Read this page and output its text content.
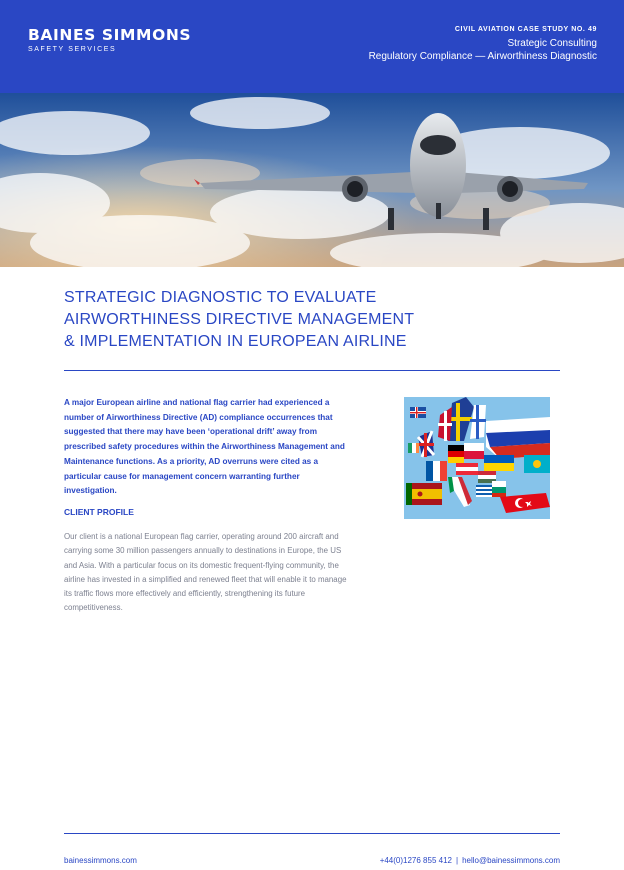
BAINES SIMMONS
SAFETY SERVICES
CIVIL AVIATION CASE STUDY NO. 49
Strategic Consulting
Regulatory Compliance — Airworthiness Diagnostic
STRATEGIC DIAGNOSTIC TO EVALUATE
AIRWORTHINESS DIRECTIVE MANAGEMENT
& IMPLEMENTATION IN EUROPEAN AIRLINE

A major European airline and national flag carrier had experienced a number of Airworthiness Directive (AD) compliance occurrences that suggested that there may have been ‘operational drift’ away from prescribed safety procedures within the Airworthiness Management and Maintenance functions. As a priority, AD overruns were cited as a particular cause for management concern warranting further investigation.

CLIENT PROFILE

Our client is a national European flag carrier, operating around 200 aircraft and carrying some 30 million passengers annually to destinations in Europe, the US and Asia. With a particular focus on its domestic frequent-flying community, the airline has invested in a simplified and renewed fleet that will enable it to manage its traffic flows more effectively and efficiently, strengthening its future competitiveness.

bainessimmons.com	+44(0)1276 855 412 | hello@bainessimmons.com
